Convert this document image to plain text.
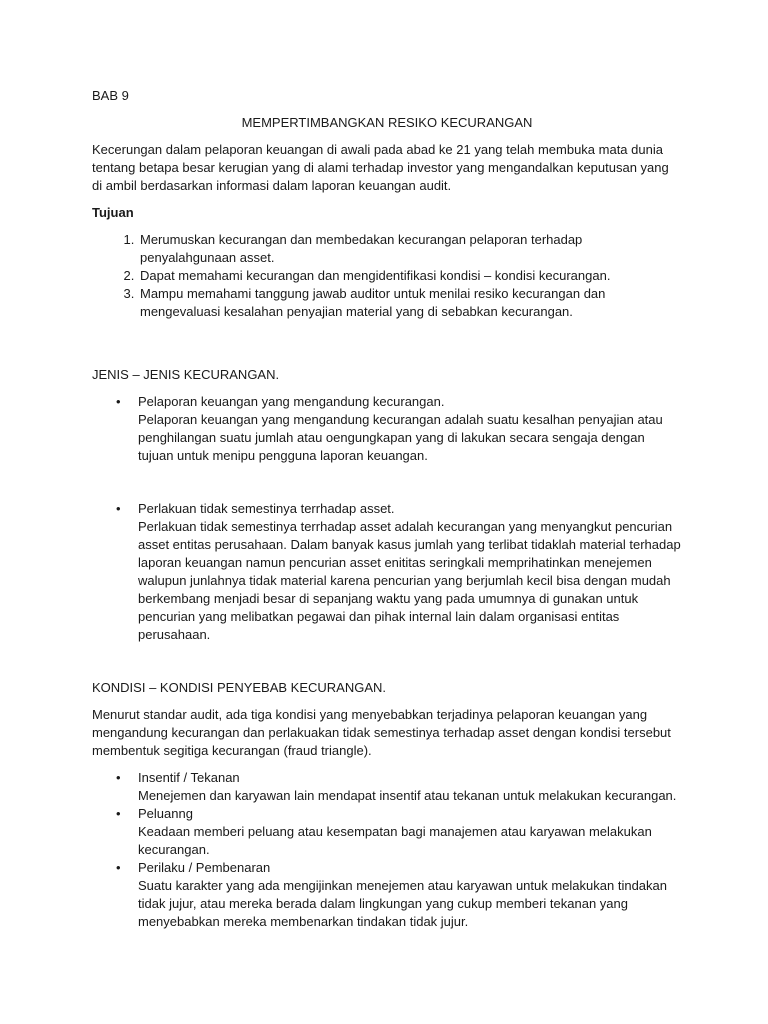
BAB 9

MEMPERTIMBANGKAN RESIKO KECURANGAN

Kecerungan dalam pelaporan keuangan di awali pada abad ke 21 yang telah membuka mata dunia tentang betapa besar kerugian yang di alami terhadap investor yang mengandalkan keputusan yang di ambil berdasarkan informasi dalam laporan keuangan audit.

Tujuan

1. Merumuskan kecurangan dan membedakan kecurangan pelaporan terhadap penyalahgunaan asset.
2. Dapat memahami kecurangan dan mengidentifikasi kondisi – kondisi kecurangan.
3. Mampu memahami tanggung jawab auditor untuk menilai resiko kecurangan dan mengevaluasi kesalahan penyajian material yang di sebabkan kecurangan.

JENIS – JENIS KECURANGAN.

• Pelaporan keuangan yang mengandung kecurangan.
Pelaporan keuangan yang mengandung kecurangan adalah suatu kesalhan penyajian atau penghilangan suatu jumlah atau oengungkapan yang di lakukan secara sengaja dengan tujuan untuk menipu pengguna laporan keuangan.
• Perlakuan tidak semestinya terrhadap asset.
Perlakuan tidak semestinya terrhadap asset adalah kecurangan yang menyangkut pencurian asset entitas perusahaan. Dalam banyak kasus jumlah yang terlibat tidaklah material terhadap laporan keuangan namun pencurian asset enititas seringkali memprihatinkan menejemen walupun junlahnya tidak material karena pencurian yang berjumlah kecil bisa dengan mudah berkembang menjadi besar di sepanjang waktu yang pada umumnya di gunakan untuk pencurian yang melibatkan pegawai dan pihak internal lain dalam organisasi entitas perusahaan.

KONDISI – KONDISI PENYEBAB KECURANGAN.

Menurut standar audit, ada tiga kondisi yang menyebabkan terjadinya pelaporan keuangan yang mengandung kecurangan dan perlakuakan tidak semestinya terhadap asset dengan kondisi tersebut membentuk segitiga kecurangan (fraud triangle).

• Insentif / Tekanan
Menejemen dan karyawan lain mendapat insentif atau tekanan untuk melakukan kecurangan.
• Peluanng
Keadaan memberi peluang atau kesempatan bagi manajemen atau karyawan melakukan kecurangan.
• Perilaku / Pembenaran
Suatu karakter yang ada mengijinkan menejemen atau karyawan untuk melakukan tindakan tidak jujur, atau mereka berada dalam lingkungan yang cukup memberi tekanan yang menyebabkan mereka membenarkan tindakan tidak jujur.
